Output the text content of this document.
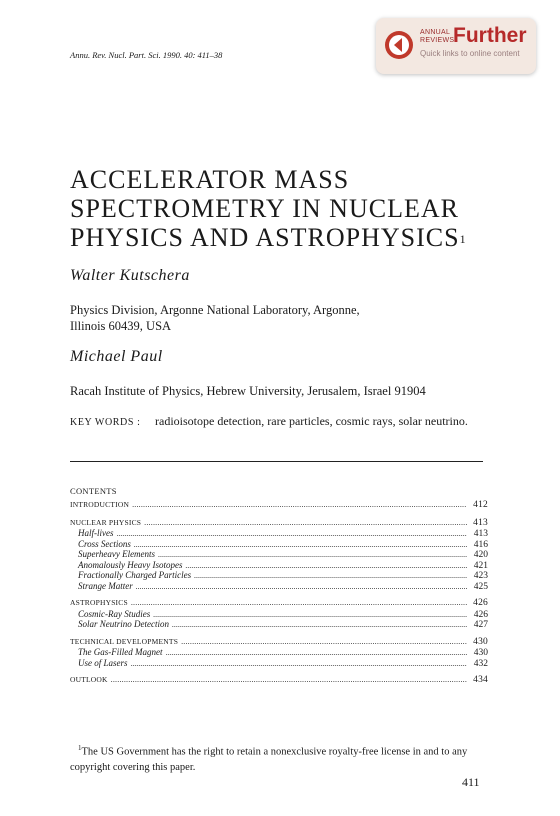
ANNUAL
REVIEWS
Further
Quick links to online content
Annu. Rev. Nucl. Part. Sci. 1990. 40: 411–38
ACCELERATOR MASS
SPECTROMETRY IN NUCLEAR
PHYSICS AND ASTROPHYSICS$^1$
Walter Kutschera
Physics Division, Argonne National Laboratory, Argonne,
Illinois 60439, USA
Michael Paul
Racah Institute of Physics, Hebrew University, Jerusalem, Israel 91904
KEY WORDS : radioisotope detection, rare particles, cosmic rays, solar neutrino.
CONTENTS
INTRODUCTION .....	412
NUCLEAR PHYSICS .....	413
Half-lives .....	413
Cross Sections .....	416
Superheavy Elements .....	420
Anomalously Heavy Isotopes .....	421
Fractionally Charged Particles .....	423
Strange Matter .....	425
ASTROPHYSICS .....	426
Cosmic-Ray Studies .....	426
Solar Neutrino Detection .....	427
TECHNICAL DEVELOPMENTS .....	430
The Gas-Filled Magnet .....	430
Use of Lasers .....	432
OUTLOOK .....	434
$^1$The US Government has the right to retain a nonexclusive royalty-free license in and to any copyright covering this paper.
411
